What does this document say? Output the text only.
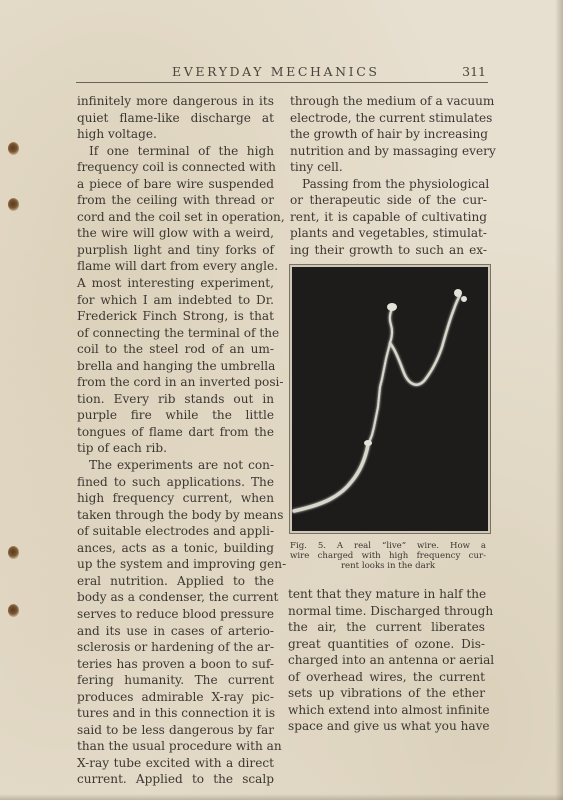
EVERYDAY MECHANICS	311
infinitely more dangerous in its
quiet flame-like discharge at
high voltage.
If one terminal of the high
frequency coil is connected with
a piece of bare wire suspended
from the ceiling with thread or
cord and the coil set in operation,
the wire will glow with a weird,
purplish light and tiny forks of
flame will dart from every angle.
A most interesting experiment,
for which I am indebted to Dr.
Frederick Finch Strong, is that
of connecting the terminal of the
coil to the steel rod of an um-
brella and hanging the umbrella
from the cord in an inverted posi-
tion. Every rib stands out in
purple fire while the little
tongues of flame dart from the
tip of each rib.
The experiments are not con-
fined to such applications. The
high frequency current, when
taken through the body by means
of suitable electrodes and appli-
ances, acts as a tonic, building
up the system and improving gen-
eral nutrition. Applied to the
body as a condenser, the current
serves to reduce blood pressure
and its use in cases of arterio-
sclerosis or hardening of the ar-
teries has proven a boon to suf-
fering humanity. The current
produces admirable X-ray pic-
tures and in this connection it is
said to be less dangerous by far
than the usual procedure with an
X-ray tube excited with a direct
current. Applied to the scalp
through the medium of a vacuum
electrode, the current stimulates
the growth of hair by increasing
nutrition and by massaging every
tiny cell.
Passing from the physiological
or therapeutic side of the cur-
rent, it is capable of cultivating
plants and vegetables, stimulat-
ing their growth to such an ex-
Fig. 5. A real “live” wire. How a
wire charged with high frequency cur-
rent looks in the dark
tent that they mature in half the
normal time. Discharged through
the air, the current liberates
great quantities of ozone. Dis-
charged into an antenna or aerial
of overhead wires, the current
sets up vibrations of the ether
which extend into almost infinite
space and give us what you have
